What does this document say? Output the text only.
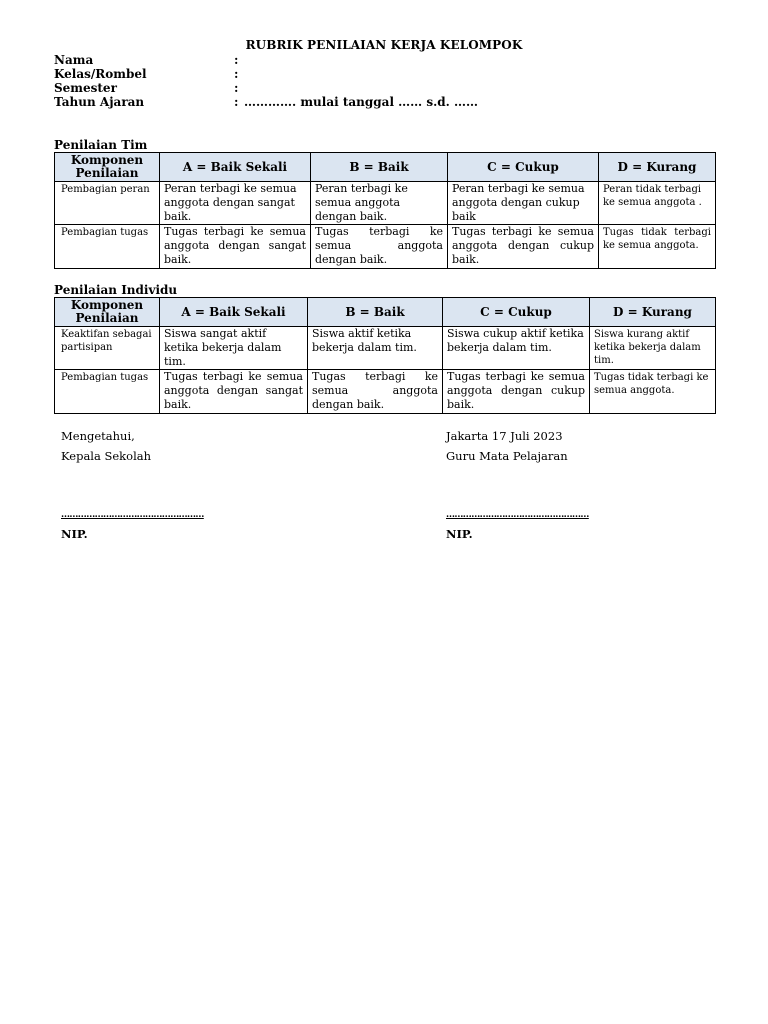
RUBRIK PENILAIAN KERJA KELOMPOK
Nama	:
Kelas/Rombel	:
Semester	:
Tahun Ajaran	: …………. mulai tanggal …… s.d. ……
Penilaian Tim
Komponen Penilaian	A = Baik Sekali	B = Baik	C = Cukup	D = Kurang
Pembagian peran	Peran terbagi ke semua anggota dengan sangat baik.	Peran terbagi ke semua anggota dengan baik.	Peran terbagi ke semua anggota dengan cukup baik	Peran tidak terbagi ke semua anggota .
Pembagian tugas	Tugas terbagi ke semua anggota dengan sangat baik.	Tugas terbagi ke semua anggota dengan baik.	Tugas terbagi ke semua anggota dengan cukup baik.	Tugas tidak terbagi ke semua anggota.
Penilaian Individu
Komponen Penilaian	A = Baik Sekali	B = Baik	C = Cukup	D = Kurang
Keaktifan sebagai partisipan	Siswa sangat aktif ketika bekerja dalam tim.	Siswa aktif ketika bekerja dalam tim.	Siswa cukup aktif ketika bekerja dalam tim.	Siswa kurang aktif ketika bekerja dalam tim.
Pembagian tugas	Tugas terbagi ke semua anggota dengan sangat baik.	Tugas terbagi ke semua anggota dengan baik.	Tugas terbagi ke semua anggota dengan cukup baik.	Tugas tidak terbagi ke semua anggota.
Mengetahui,
Kepala Sekolah
……………………………………………
NIP.
Jakarta 17 Juli 2023
Guru Mata Pelajaran
……………………………………………
NIP.
